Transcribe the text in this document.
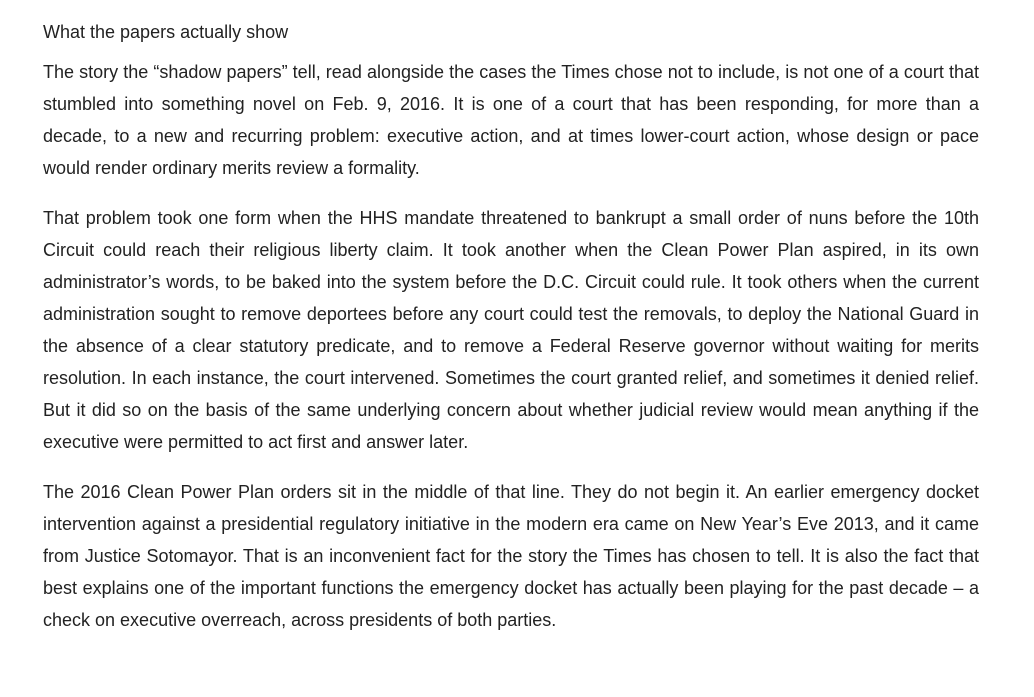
What the papers actually show

The story the “shadow papers” tell, read alongside the cases the Times chose not to include, is not one of a court that stumbled into something novel on Feb. 9, 2016. It is one of a court that has been responding, for more than a decade, to a new and recurring problem: executive action, and at times lower-court action, whose design or pace would render ordinary merits review a formality.

That problem took one form when the HHS mandate threatened to bankrupt a small order of nuns before the 10th Circuit could reach their religious liberty claim. It took another when the Clean Power Plan aspired, in its own administrator’s words, to be baked into the system before the D.C. Circuit could rule. It took others when the current administration sought to remove deportees before any court could test the removals, to deploy the National Guard in the absence of a clear statutory predicate, and to remove a Federal Reserve governor without waiting for merits resolution. In each instance, the court intervened. Sometimes the court granted relief, and sometimes it denied relief. But it did so on the basis of the same underlying concern about whether judicial review would mean anything if the executive were permitted to act first and answer later.

The 2016 Clean Power Plan orders sit in the middle of that line. They do not begin it. An earlier emergency docket intervention against a presidential regulatory initiative in the modern era came on New Year’s Eve 2013, and it came from Justice Sotomayor. That is an inconvenient fact for the story the Times has chosen to tell. It is also the fact that best explains one of the important functions the emergency docket has actually been playing for the past decade – a check on executive overreach, across presidents of both parties.
